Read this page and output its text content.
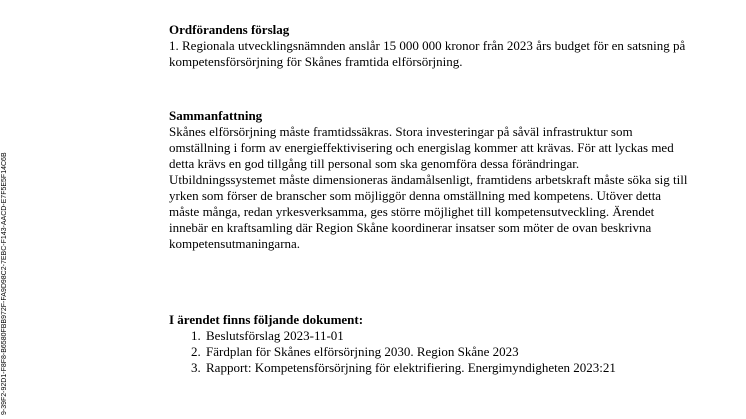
9-39F2-92D1-F8F8-B6580FBB972F-FA9D98C2-7EBC-F143-AACD-E7F5E5F14C6B

Ordförandens förslag

1. Regionala utvecklingsnämnden anslår 15 000 000 kronor från 2023 års budget för en satsning på kompetensförsörjning för Skånes framtida elförsörjning.

Sammanfattning

Skånes elförsörjning måste framtidssäkras. Stora investeringar på såväl infrastruktur som omställning i form av energieffektivisering och energislag kommer att krävas. För att lyckas med detta krävs en god tillgång till personal som ska genomföra dessa förändringar. Utbildningssystemet måste dimensioneras ändamålsenligt, framtidens arbetskraft måste söka sig till yrken som förser de branscher som möjliggör denna omställning med kompetens. Utöver detta måste många, redan yrkesverksamma, ges större möjlighet till kompetensutveckling. Ärendet innebär en kraftsamling där Region Skåne koordinerar insatser som möter de ovan beskrivna kompetensutmaningarna.

I ärendet finns följande dokument:

1. Beslutsförslag 2023-11-01
2. Färdplan för Skånes elförsörjning 2030. Region Skåne 2023
3. Rapport: Kompetensförsörjning för elektrifiering. Energimyndigheten 2023:21
